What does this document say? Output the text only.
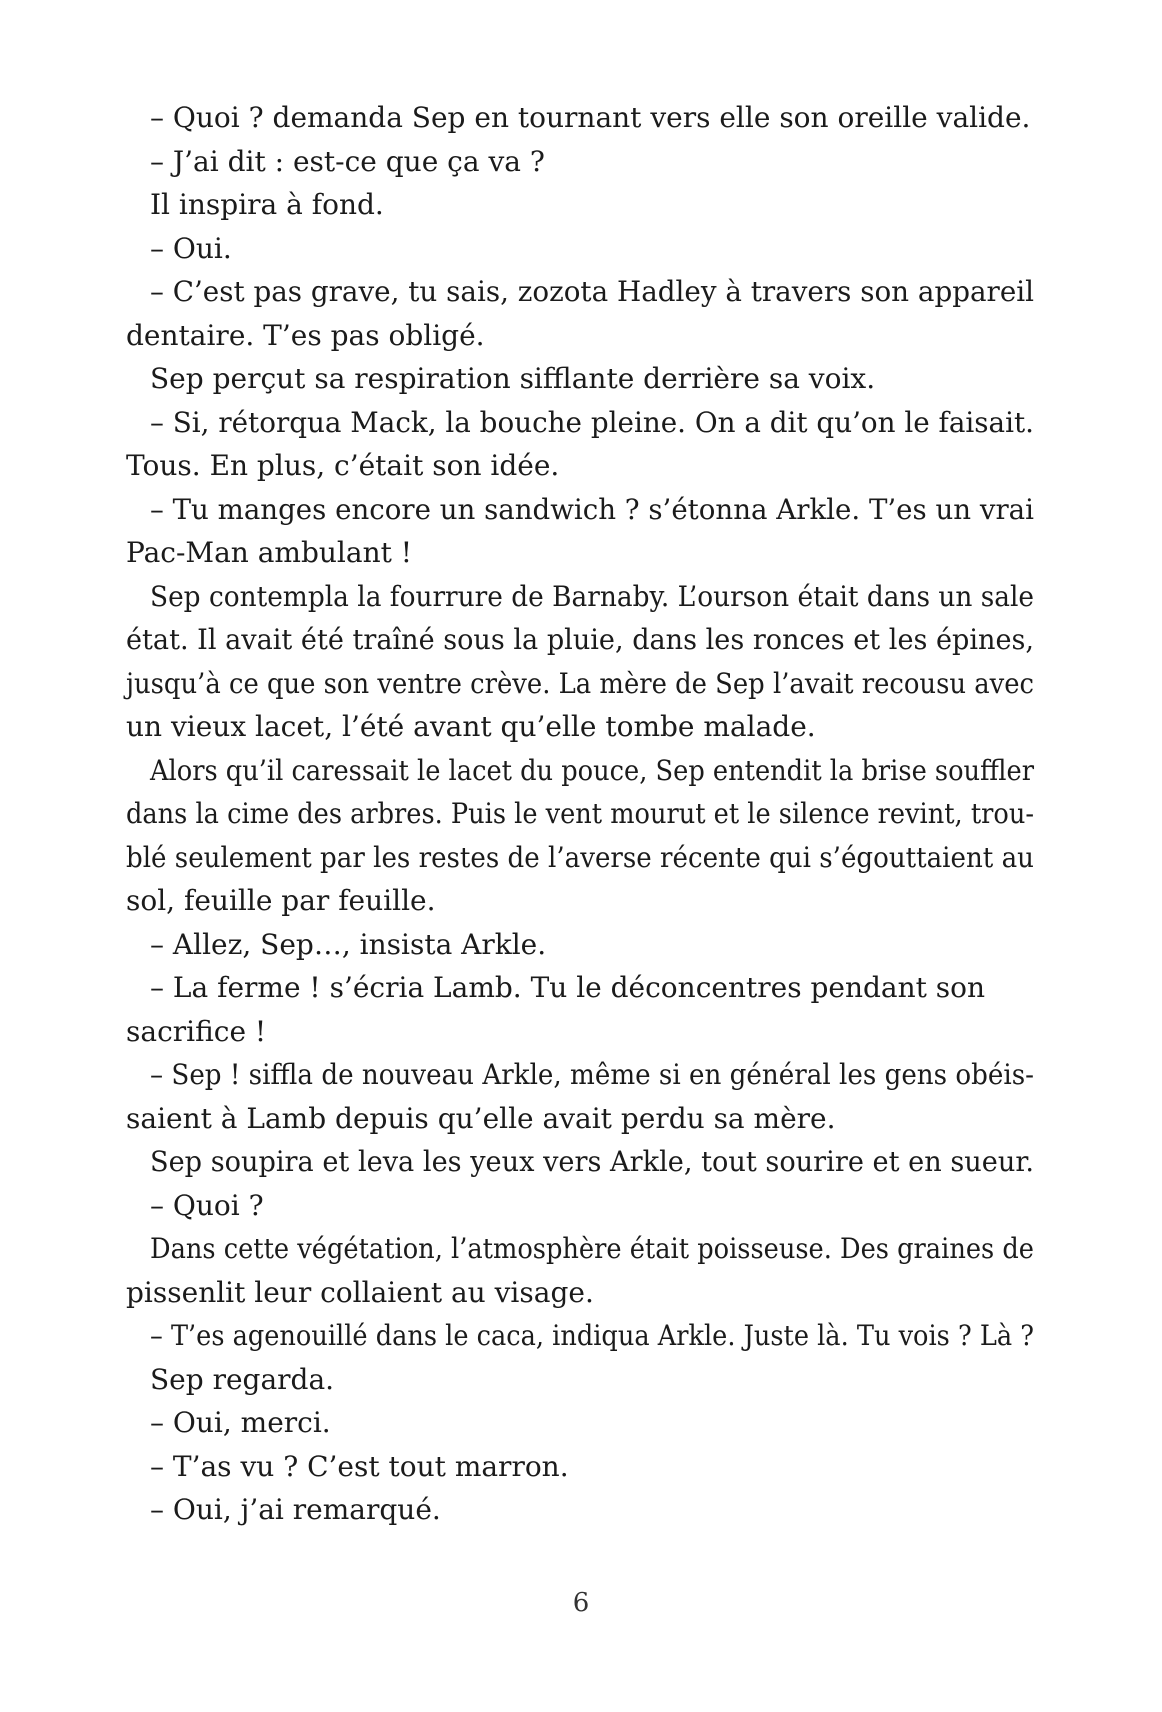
– Quoi ? demanda Sep en tournant vers elle son oreille valide.
– J’ai dit : est-ce que ça va ?
Il inspira à fond.
– Oui.
– C’est pas grave, tu sais, zozota Hadley à travers son appareil
dentaire. T’es pas obligé.
Sep perçut sa respiration sifflante derrière sa voix.
– Si, rétorqua Mack, la bouche pleine. On a dit qu’on le faisait.
Tous. En plus, c’était son idée.
– Tu manges encore un sandwich ? s’étonna Arkle. T’es un vrai
Pac-Man ambulant !
Sep contempla la fourrure de Barnaby. L’ourson était dans un sale
état. Il avait été traîné sous la pluie, dans les ronces et les épines,
jusqu’à ce que son ventre crève. La mère de Sep l’avait recousu avec
un vieux lacet, l’été avant qu’elle tombe malade.
Alors qu’il caressait le lacet du pouce, Sep entendit la brise souffler
dans la cime des arbres. Puis le vent mourut et le silence revint, trou-
blé seulement par les restes de l’averse récente qui s’égouttaient au
sol, feuille par feuille.
– Allez, Sep…, insista Arkle.
– La ferme ! s’écria Lamb. Tu le déconcentres pendant son
sacrifice !
– Sep ! siffla de nouveau Arkle, même si en général les gens obéis-
saient à Lamb depuis qu’elle avait perdu sa mère.
Sep soupira et leva les yeux vers Arkle, tout sourire et en sueur.
– Quoi ?
Dans cette végétation, l’atmosphère était poisseuse. Des graines de
pissenlit leur collaient au visage.
– T’es agenouillé dans le caca, indiqua Arkle. Juste là. Tu vois ? Là ?
Sep regarda.
– Oui, merci.
– T’as vu ? C’est tout marron.
– Oui, j’ai remarqué.
6
